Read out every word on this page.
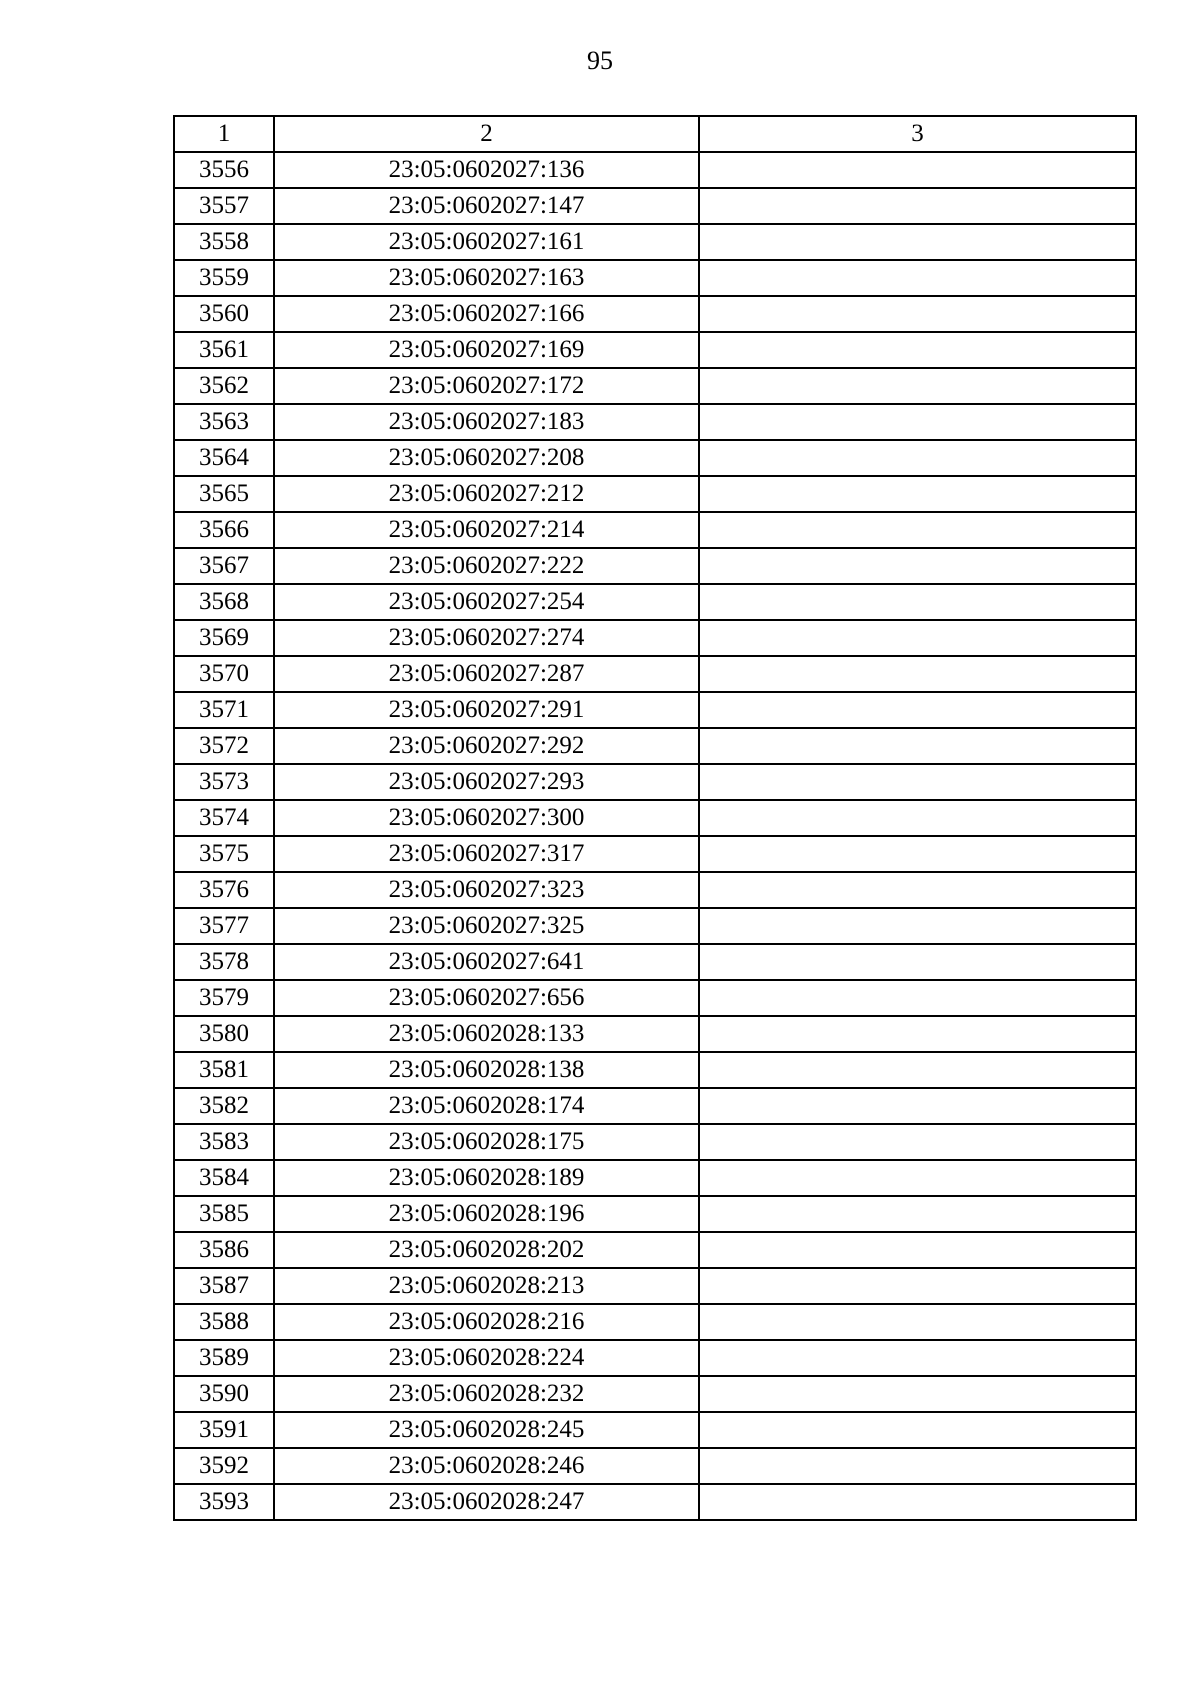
95
1	2	3
3556	23:05:0602027:136	
3557	23:05:0602027:147	
3558	23:05:0602027:161	
3559	23:05:0602027:163	
3560	23:05:0602027:166	
3561	23:05:0602027:169	
3562	23:05:0602027:172	
3563	23:05:0602027:183	
3564	23:05:0602027:208	
3565	23:05:0602027:212	
3566	23:05:0602027:214	
3567	23:05:0602027:222	
3568	23:05:0602027:254	
3569	23:05:0602027:274	
3570	23:05:0602027:287	
3571	23:05:0602027:291	
3572	23:05:0602027:292	
3573	23:05:0602027:293	
3574	23:05:0602027:300	
3575	23:05:0602027:317	
3576	23:05:0602027:323	
3577	23:05:0602027:325	
3578	23:05:0602027:641	
3579	23:05:0602027:656	
3580	23:05:0602028:133	
3581	23:05:0602028:138	
3582	23:05:0602028:174	
3583	23:05:0602028:175	
3584	23:05:0602028:189	
3585	23:05:0602028:196	
3586	23:05:0602028:202	
3587	23:05:0602028:213	
3588	23:05:0602028:216	
3589	23:05:0602028:224	
3590	23:05:0602028:232	
3591	23:05:0602028:245	
3592	23:05:0602028:246	
3593	23:05:0602028:247	
